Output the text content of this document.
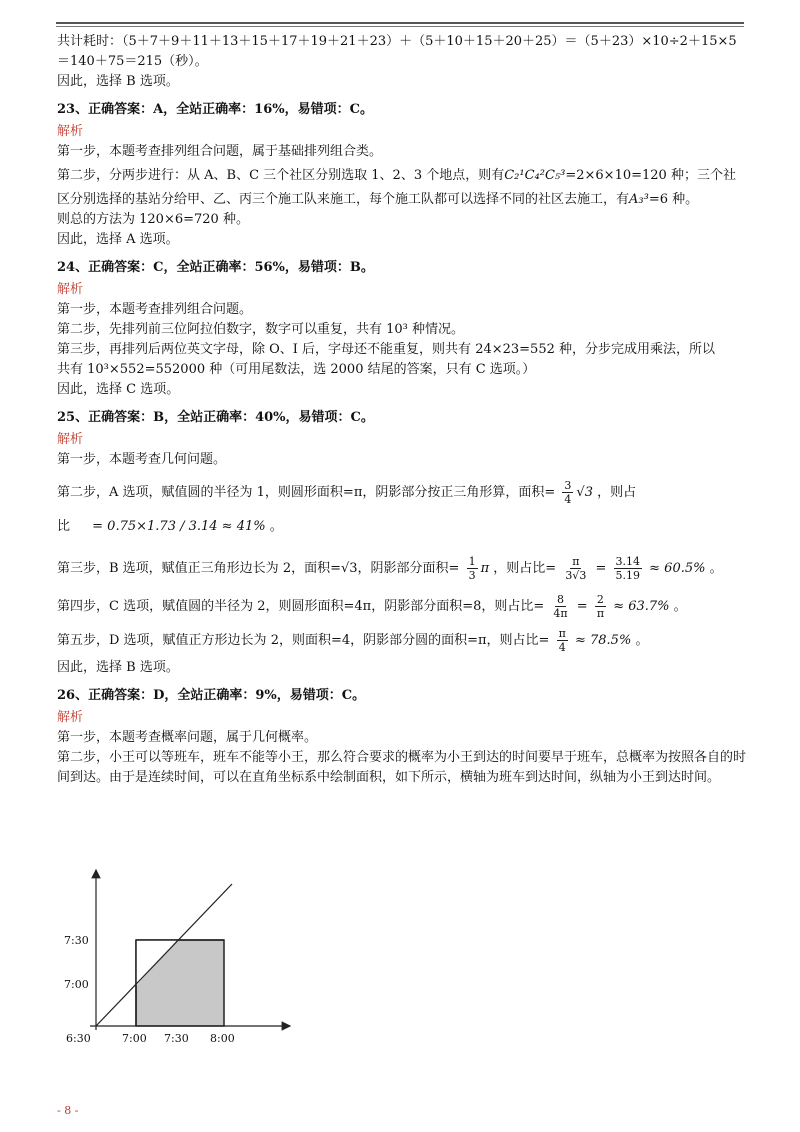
共计耗时：（5＋7＋9＋11＋13＋15＋17＋19＋21＋23）＋（5＋10＋15＋20＋25）＝（5＋23）×10÷2＋15×5

＝140＋75＝215（秒）。

因此，选择 B 选项。

23、正确答案：A，全站正确率：16%，易错项：C。

解析

第一步，本题考查排列组合问题，属于基础排列组合类。

第二步，分两步进行：从 A、B、C 三个社区分别选取 1、2、3 个地点，则有C₂¹C₄²C₅³=2×6×10=120 种；三个社

区分别选择的基站分给甲、乙、丙三个施工队来施工，每个施工队都可以选择不同的社区去施工，有A₃³=6 种。

则总的方法为 120×6=720 种。

因此，选择 A 选项。

24、正确答案：C，全站正确率：56%，易错项：B。

解析

第一步，本题考查排列组合问题。

第二步，先排列前三位阿拉伯数字，数字可以重复，共有 10³ 种情况。

第三步，再排列后两位英文字母，除 O、I 后，字母还不能重复，则共有 24×23=552 种，分步完成用乘法，所以

共有 10³×552=552000 种（可用尾数法，选 2000 结尾的答案，只有 C 选项。）

因此，选择 C 选项。

25、正确答案：B，全站正确率：40%，易错项：C。

解析

第一步，本题考查几何问题。

第二步，A 选项，赋值圆的半径为 1，则圆形面积=π，阴影部分按正三角形算，面积= $\frac{3}{4} √3$ ，则占

比 = 0.75×1.73 / 3.14 ≈ 41% 。

第三步，B 选项，赋值正三角形边长为 2，面积=√3，阴影部分面积= $\frac{1}{3}$ π ，则占比= $\frac{\pi}{3√3} = \frac{3.14}{5.19} \approx 60.5\%$ 。

第四步，C 选项，赋值圆的半径为 2，则圆形面积=4π，阴影部分面积=8，则占比= $\frac{8}{4\pi} = \frac{2}{\pi} \approx 63.7\%$ 。

第五步，D 选项，赋值正方形边长为 2，则面积=4，阴影部分圆的面积=π，则占比= $\frac{\pi}{4} \approx 78.5\%$ 。

因此，选择 B 选项。

26、正确答案：D，全站正确率：9%，易错项：C。

解析

第一步，本题考查概率问题，属于几何概率。

第二步，小王可以等班车，班车不能等小王，那么符合要求的概率为小王到达的时间要早于班车，总概率为按照各自的时间到达。由于是连续时间，可以在直角坐标系中绘制面积，如下所示，横轴为班车到达时间，纵轴为小王到达时间。

7:30
7:00
6:30	7:00 7:30 8:00
- 8 -
